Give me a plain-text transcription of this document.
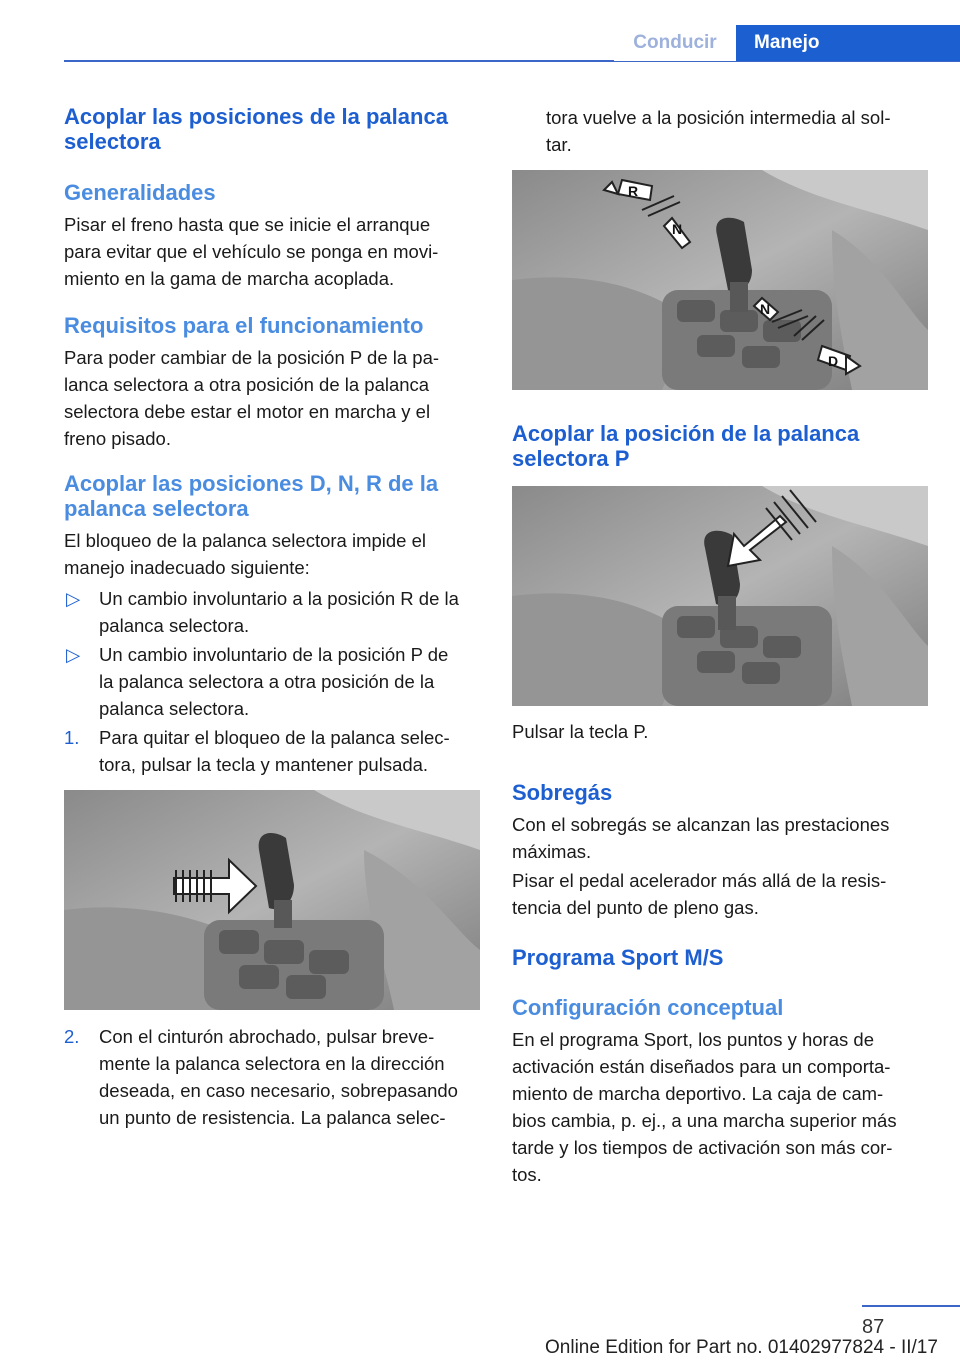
Conducir	Manejo
Acoplar las posiciones de la palanca
selectora
Generalidades
Pisar el freno hasta que se inicie el arranque
para evitar que el vehículo se ponga en movi-
miento en la gama de marcha acoplada.
Requisitos para el funcionamiento
Para poder cambiar de la posición P de la pa-
lanca selectora a otra posición de la palanca
selectora debe estar el motor en marcha y el
freno pisado.
Acoplar las posiciones D, N, R de la
palanca selectora
El bloqueo de la palanca selectora impide el
manejo inadecuado siguiente:
▷ Un cambio involuntario a la posición R de la
palanca selectora.
▷ Un cambio involuntario de la posición P de
la palanca selectora a otra posición de la
palanca selectora.
1. Para quitar el bloqueo de la palanca selec-
tora, pulsar la tecla y mantener pulsada.
2. Con el cinturón abrochado, pulsar breve-
mente la palanca selectora en la dirección
deseada, en caso necesario, sobrepasando
un punto de resistencia. La palanca selec-
tora vuelve a la posición intermedia al sol-
tar.
R
N
N
D
Acoplar la posición de la palanca
selectora P
Pulsar la tecla P.
Sobregás
Con el sobregás se alcanzan las prestaciones
máximas.
Pisar el pedal acelerador más allá de la resis-
tencia del punto de pleno gas.
Programa Sport M/S
Configuración conceptual
En el programa Sport, los puntos y horas de
activación están diseñados para un comporta-
miento de marcha deportivo. La caja de cam-
bios cambia, p. ej., a una marcha superior más
tarde y los tiempos de activación son más cor-
tos.
87
Online Edition for Part no. 01402977824 - II/17
